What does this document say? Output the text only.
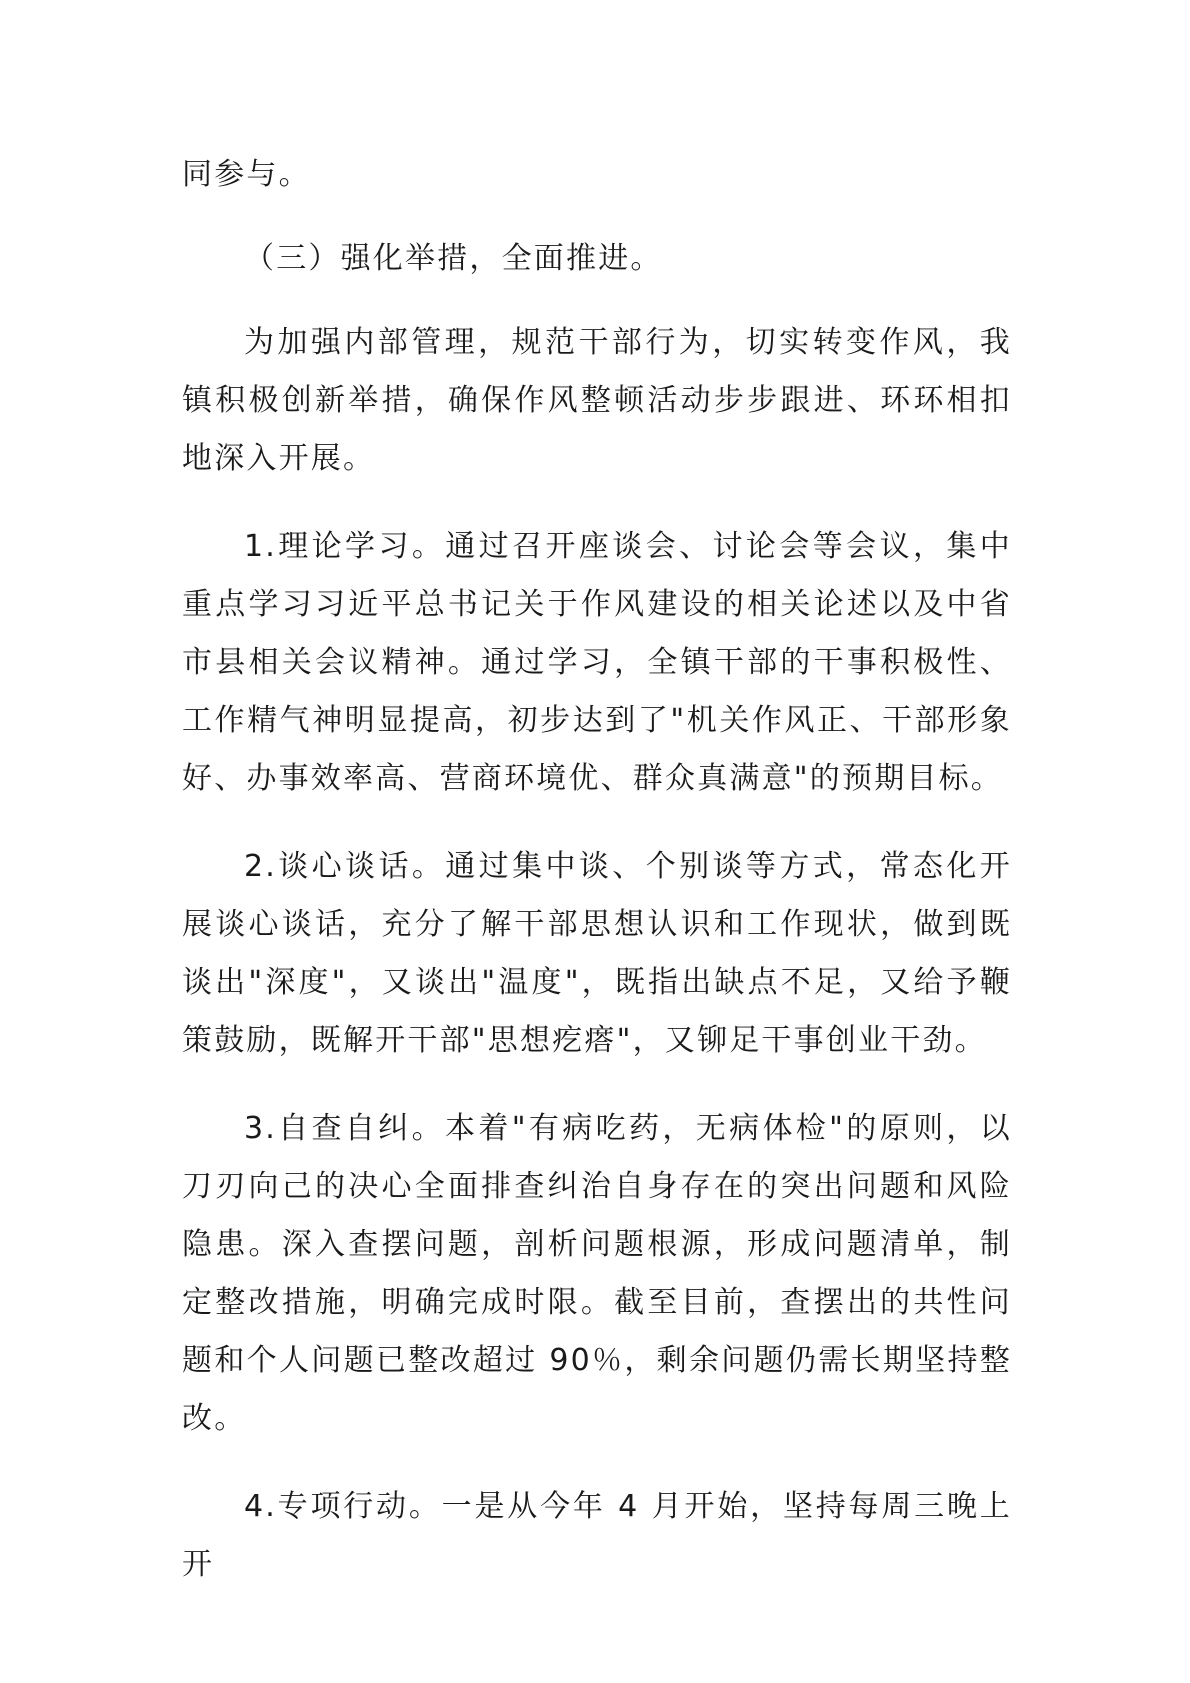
同参与。

（三）强化举措，全面推进。

为加强内部管理，规范干部行为，切实转变作风，我镇积极创新举措，确保作风整顿活动步步跟进、环环相扣地深入开展。

1.理论学习。通过召开座谈会、讨论会等会议，集中重点学习习近平总书记关于作风建设的相关论述以及中省市县相关会议精神。通过学习，全镇干部的干事积极性、工作精气神明显提高，初步达到了"机关作风正、干部形象好、办事效率高、营商环境优、群众真满意"的预期目标。

2.谈心谈话。通过集中谈、个别谈等方式，常态化开展谈心谈话，充分了解干部思想认识和工作现状，做到既谈出"深度"，又谈出"温度"，既指出缺点不足，又给予鞭策鼓励，既解开干部"思想疙瘩"，又铆足干事创业干劲。

3.自查自纠。本着"有病吃药，无病体检"的原则，以刀刃向己的决心全面排查纠治自身存在的突出问题和风险隐患。深入查摆问题，剖析问题根源，形成问题清单，制定整改措施，明确完成时限。截至目前，查摆出的共性问题和个人问题已整改超过 90％，剩余问题仍需长期坚持整改。

4.专项行动。一是从今年 4 月开始，坚持每周三晚上开
